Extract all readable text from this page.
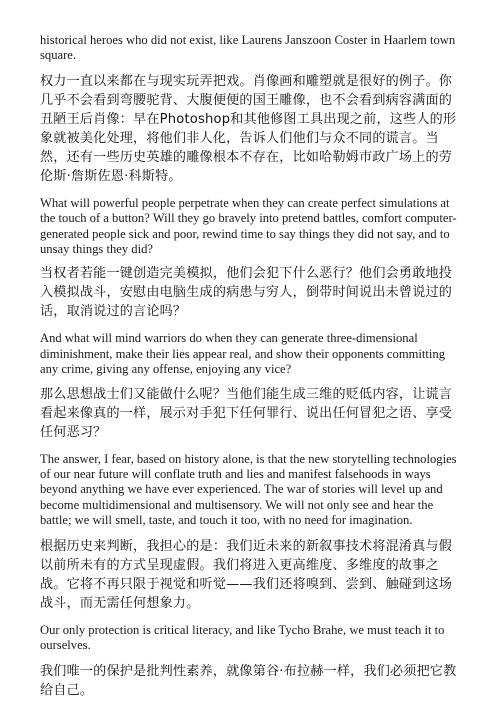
historical heroes who did not exist, like Laurens Janszoon Coster in Haarlem town square.

权力一直以来都在与现实玩弄把戏。肖像画和雕塑就是很好的例子。你几乎不会看到弯腰驼背、大腹便便的国王雕像，也不会看到病容满面的丑陋王后肖像：早在Photoshop和其他修图工具出现之前，这些人的形象就被美化处理，将他们非人化，告诉人们他们与众不同的谎言。当然，还有一些历史英雄的雕像根本不存在，比如哈勒姆市政广场上的劳伦斯·詹斯佐恩·科斯特。

What will powerful people perpetrate when they can create perfect simulations at the touch of a button? Will they go bravely into pretend battles, comfort computer-generated people sick and poor, rewind time to say things they did not say, and to unsay things they did?

当权者若能一键创造完美模拟，他们会犯下什么恶行？他们会勇敢地投入模拟战斗，安慰由电脑生成的病患与穷人，倒带时间说出未曾说过的话，取消说过的言论吗？

And what will mind warriors do when they can generate three-dimensional diminishment, make their lies appear real, and show their opponents committing any crime, giving any offense, enjoying any vice?

那么思想战士们又能做什么呢？当他们能生成三维的贬低内容，让谎言看起来像真的一样，展示对手犯下任何罪行、说出任何冒犯之语、享受任何恶习？

The answer, I fear, based on history alone, is that the new storytelling technologies of our near future will conflate truth and lies and manifest falsehoods in ways beyond anything we have ever experienced. The war of stories will level up and become multidimensional and multisensory. We will not only see and hear the battle; we will smell, taste, and touch it too, with no need for imagination.

根据历史来判断，我担心的是：我们近未来的新叙事技术将混淆真与假以前所未有的方式呈现虚假。我们将进入更高维度、多维度的故事之战。它将不再只限于视觉和听觉——我们还将嗅到、尝到、触碰到这场战斗，而无需任何想象力。

Our only protection is critical literacy, and like Tycho Brahe, we must teach it to ourselves.

我们唯一的保护是批判性素养，就像第谷·布拉赫一样，我们必须把它教给自己。
